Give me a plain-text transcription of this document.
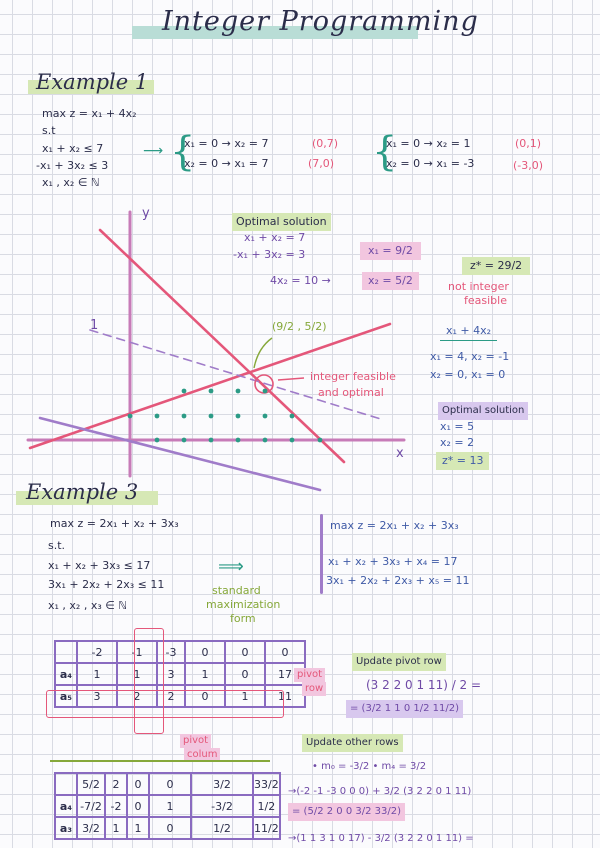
Integer Programming
Example 1
max z = x₁ + 4x₂
s.t
x₁ + x₂ ≤ 7
-x₁ + 3x₂ ≤ 3
x₁ , x₂ ∈ ℕ
⟶ {
x₁ = 0 → x₂ = 7	(0,7)
x₂ = 0 → x₁ = 7	(7,0) {
x₁ = 0 → x₂ = 1	(0,1)
x₂ = 0 → x₁ = -3	(-3,0)
y
x
1
Optimal solution
x₁ + x₂ = 7
-x₁ + 3x₂ = 3	x₁ = 9/2
4x₂ = 10 →	x₂ = 5/2
z* = 29/2
not integer
feasible
(9/2 , 5/2)
integer feasible
and optimal
x₁ + 4x₂
x₁ = 4, x₂ = -1
x₂ = 0, x₁ = 0
Optimal solution
x₁ = 5
x₂ = 2
z* = 13
Example 3
max z = 2x₁ + x₂ + 3x₃
s.t.
x₁ + x₂ + 3x₃ ≤ 17
3x₁ + 2x₂ + 2x₃ ≤ 11
x₁ , x₂ , x₃ ∈ ℕ
⟹
standard
maximization
form
max z = 2x₁ + x₂ + 3x₃
x₁ + x₂ + 3x₃ + x₄ = 17
3x₁ + 2x₂ + 2x₃ + x₅ = 11
	-2	-1	-3	0	0	0
a₄	1	1	3	1	0	17
a₅	3	2	2	0	1	11
pivot
row
pivot
colum
Update pivot row
(3 2 2 0 1 11) / 2 =
= (3/2 1 1 0 1/2 11/2)
Update other rows
• m₀ = -3/2 • m₄ = 3/2
→(-2 -1 -3 0 0 0) + 3/2 (3 2 2 0 1 11)
= (5/2 2 0 0 3/2 33/2)
→(1 1 3 1 0 17) - 3/2 (3 2 2 0 1 11) =
	5/2	2	0	0	3/2	33/2
a₄	-7/2	-2	0	1	-3/2	1/2
a₃	3/2	1	1	0	1/2	11/2
